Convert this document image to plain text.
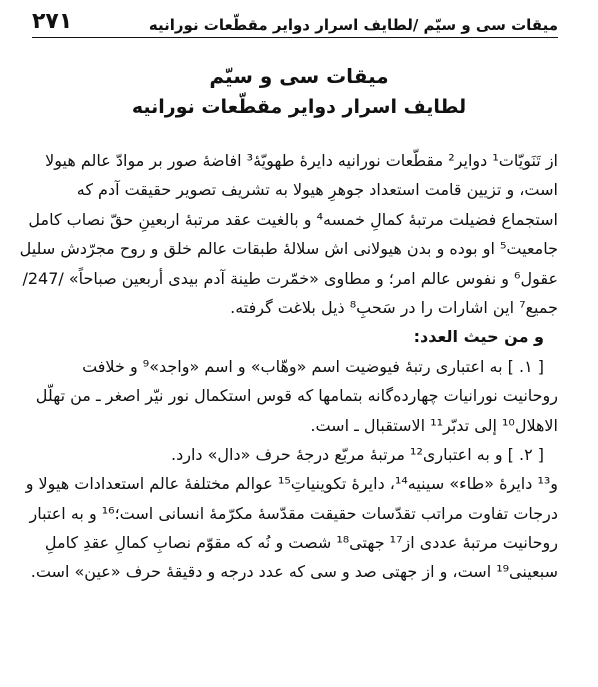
میقات سی و سیّم /لطایف اسرار دوایر مقطّعات نورانیه
۲۷۱
میقات سی و سیّم
لطایف اسرار دوایر مقطّعات نورانیه
از تَنَویّات¹ دوایر² مقطّعات نورانیه دایرهٔ طهویّهٔ³ افاضهٔ صور بر موادّ عالم هیولا
است، و تزیین قامت استعداد جوهرِ هیولا به تشریف تصویر حقیقت آدم که
استجماع فضیلت مرتبهٔ کمالِ خمسه⁴ و بالغیت عقد مرتبهٔ اربعینِ حقّ نصاب کامل
جامعیت⁵ او بوده و بدن هیولانی اش سلالهٔ طبقات عالم خلق و روح مجرّدش سلیل
عقول⁶ و نفوس عالم امر؛ و مطاوی «خمّرت طینة آدم بیدی أربعین صباحاً» /247/
جمیع⁷ این اشارات را در سَحبِ⁸ ذیل بلاغت گرفته.
و من حیث العدد:
[ ۱. ] به اعتباری رتبهٔ فیوضیت اسم «وهّاب» و اسم «واجد»⁹ و خلافت
روحانیت نورانیات چهارده‌گانه بتمامها که قوس استکمال نور نیّر اصغر ـ من تهلّل
الاهلال¹⁰ إلی تدبّر¹¹ الاستقبال ـ است.
[ ۲. ] و به اعتباری¹² مرتبهٔ مربّع درجهٔ حرف «دال» دارد.
و¹³ دایرهٔ «طاء» سینیه¹⁴، دایرهٔ تکوینیاتِ¹⁵ عوالم مختلفهٔ عالم استعدادات هیولا و
درجات تفاوت مراتب تقدّسات حقیقت مقدّسهٔ مکرّمهٔ انسانی است؛¹⁶ و به اعتبار
روحانیت مرتبهٔ عددی از¹⁷ جهتی¹⁸ شصت و نُه که مقوّم نصابِ کمالِ عقدِ کاملِ
سبعینی¹⁹ است، و از جهتی صد و سی که عدد درجه و دقیقهٔ حرف «عین» است.
